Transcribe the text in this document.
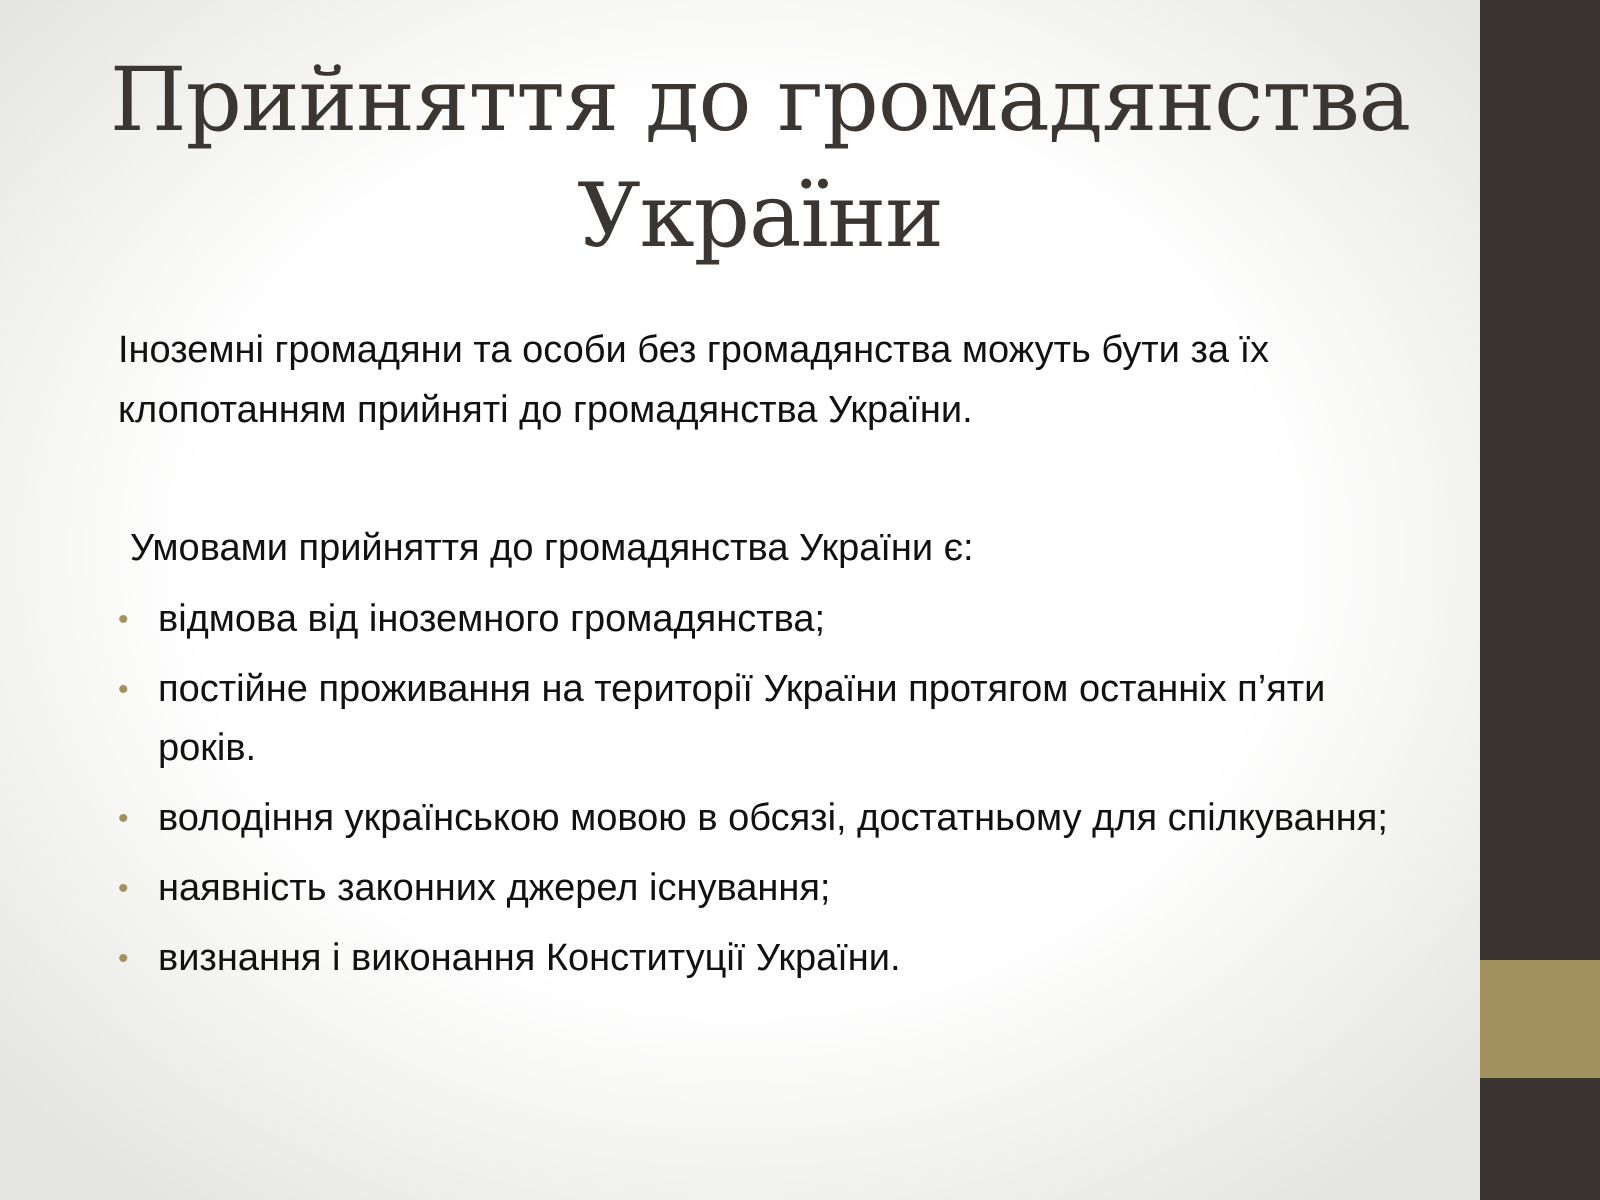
Прийняття до громадянства України

Іноземні громадяни та особи без громадянства можуть бути за їх клопотанням прийняті до громадянства України.

Умовами прийняття до громадянства України є:

• відмова від іноземного громадянства;
• постійне проживання на території України протягом останніх п’яти років.
• володіння українською мовою в обсязі, достатньому для спілкування;
• наявність законних джерел існування;
• визнання і виконання Конституції України.
